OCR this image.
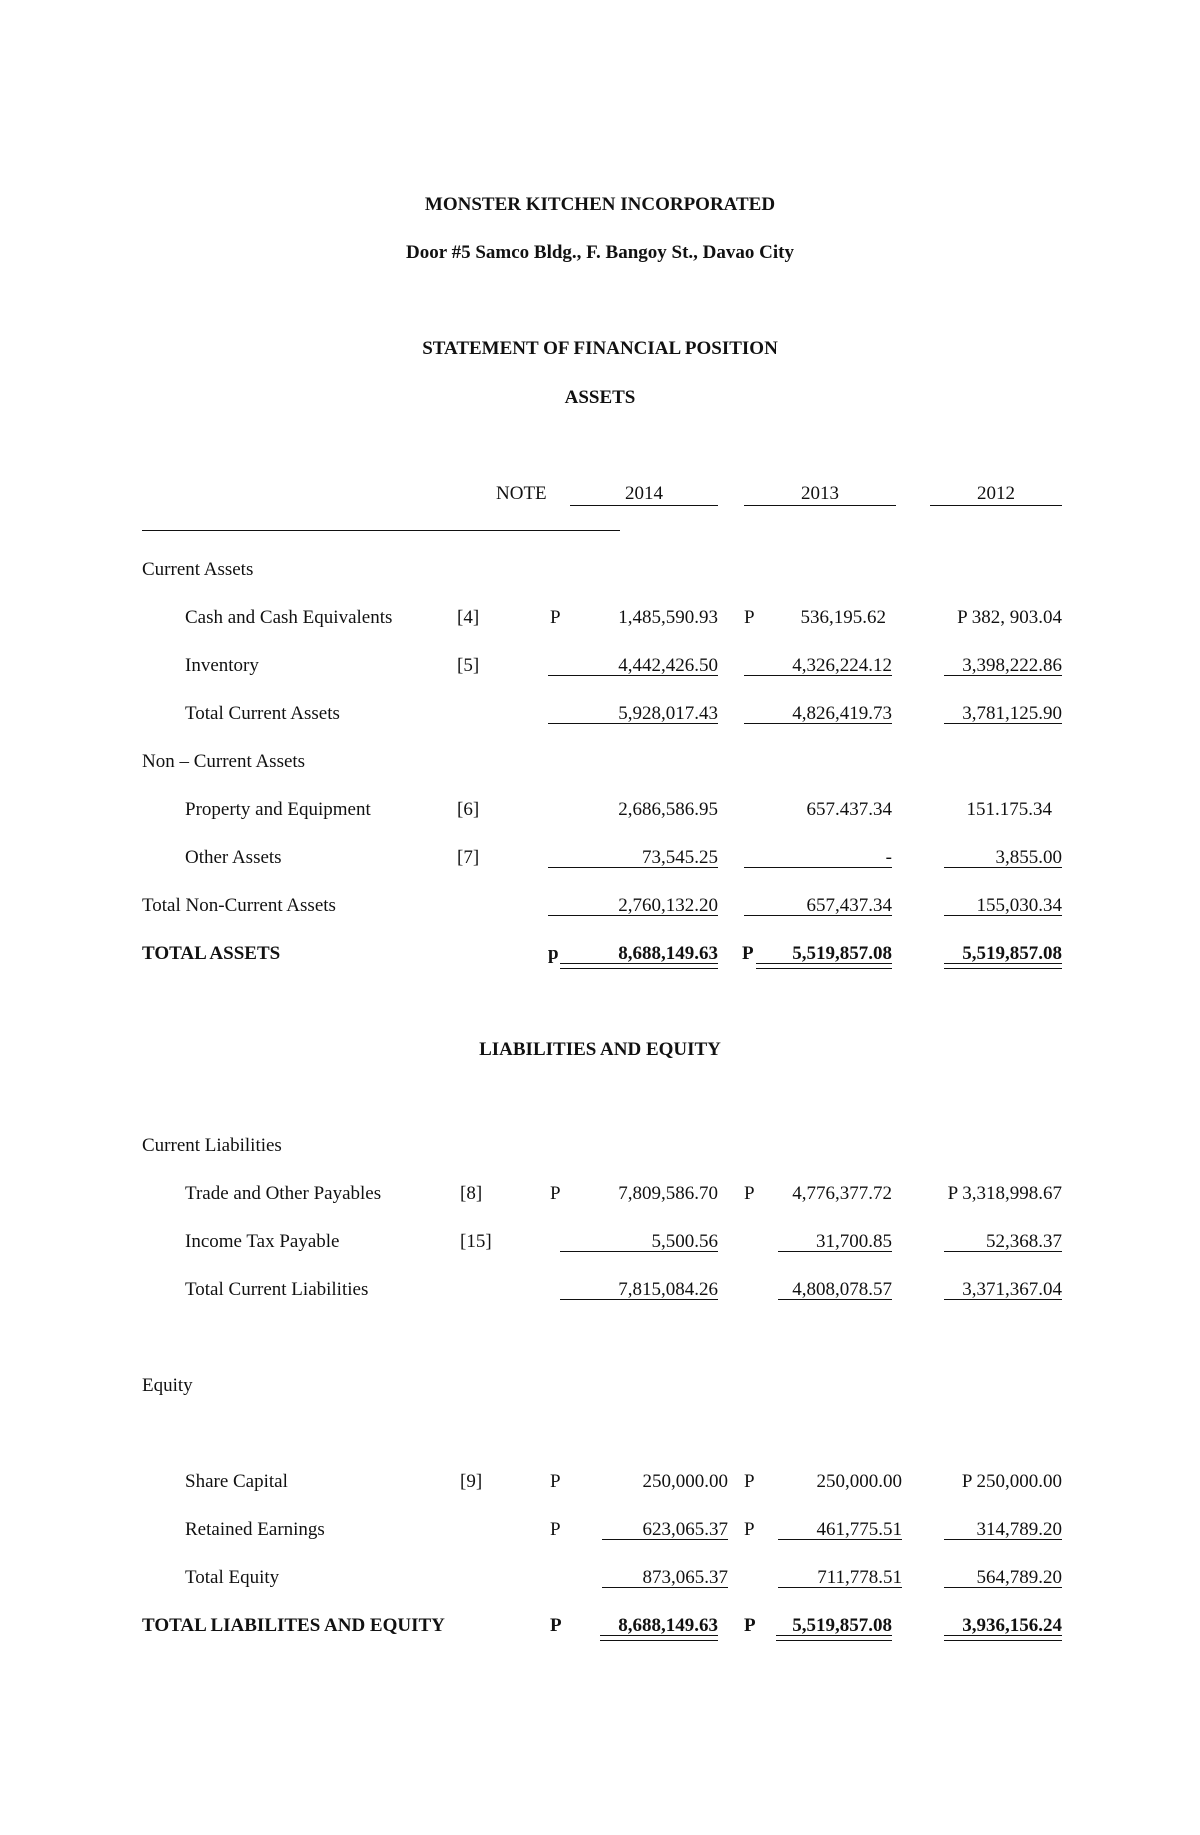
MONSTER KITCHEN INCORPORATED
Door #5 Samco Bldg., F. Bangoy St., Davao City
STATEMENT OF FINANCIAL POSITION
ASSETS
NOTE	2014	2013	2012
Current Assets
Cash and Cash Equivalents	[4]	P	1,485,590.93 P	536,195.62	P 382, 903.04
Inventory	[5]	4,442,426.50	4,326,224.12	3,398,222.86
Total Current Assets	5,928,017.43	4,826,419.73	3,781,125.90
Non – Current Assets
Property and Equipment	[6]	2,686,586.95	657.437.34	151.175.34
Other Assets	[7]	73,545.25	-	3,855.00
Total Non-Current Assets	2,760,132.20	657,437.34	155,030.34
TOTAL ASSETS	p	8,688,149.63 P	5,519,857.08	5,519,857.08
LIABILITIES AND EQUITY
Current Liabilities
Trade and Other Payables	[8]	P	7,809,586.70 P	4,776,377.72	P 3,318,998.67
Income Tax Payable	[15]	5,500.56	31,700.85	52,368.37
Total Current Liabilities	7,815,084.26	4,808,078.57	3,371,367.04
Equity
Share Capital	[9]	P	250,000.00 P	250,000.00	P 250,000.00
Retained Earnings	P	623,065.37 P	461,775.51	314,789.20
Total Equity	873,065.37	711,778.51	564,789.20
TOTAL LIABILITES AND EQUITY	P	8,688,149.63 P	5,519,857.08	3,936,156.24
